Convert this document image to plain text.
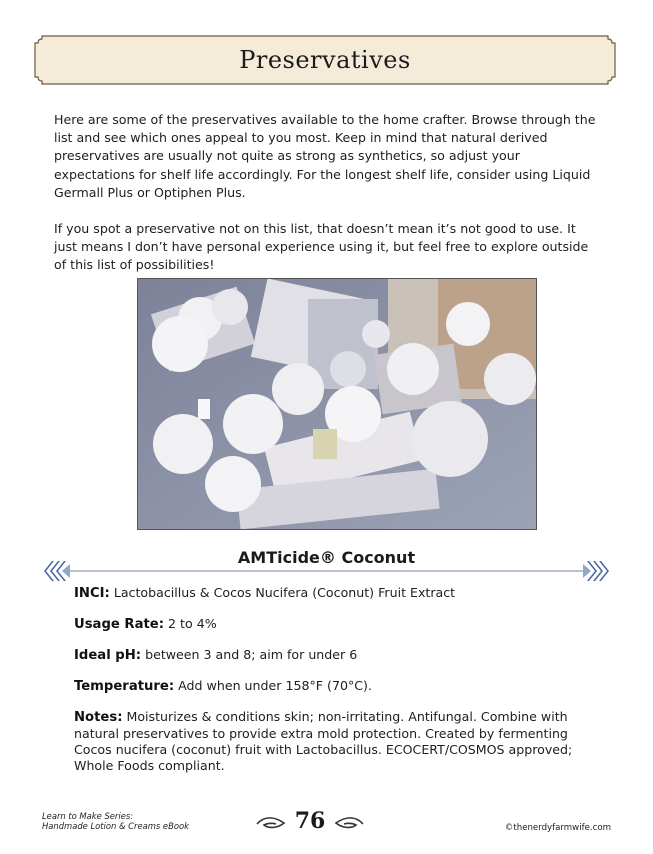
Preservatives

Here are some of the preservatives available to the home crafter. Browse through the list and see which ones appeal to you most. Keep in mind that natural derived preservatives are usually not quite as strong as synthetics, so adjust your expectations for shelf life accordingly. For the longest shelf life, consider using Liquid Germall Plus or Optiphen Plus.

If you spot a preservative not on this list, that doesn’t mean it’s not good to use. It just means I don’t have personal experience using it, but feel free to explore outside of this list of possibilities!

AMTicide® Coconut
INCI: Lactobacillus & Cocos Nucifera (Coconut) Fruit Extract
Usage Rate: 2 to 4%
Ideal pH: between 3 and 8; aim for under 6
Temperature: Add when under 158°F (70°C).
Notes: Moisturizes & conditions skin; non-irritating. Antifungal. Combine with natural preservatives to provide extra mold protection. Created by fermenting Cocos nucifera (coconut) fruit with Lactobacillus. ECOCERT/COSMOS approved; Whole Foods compliant.
Learn to Make Series:
Handmade Lotion & Creams eBook	76	©thenerdyfarmwife.com
